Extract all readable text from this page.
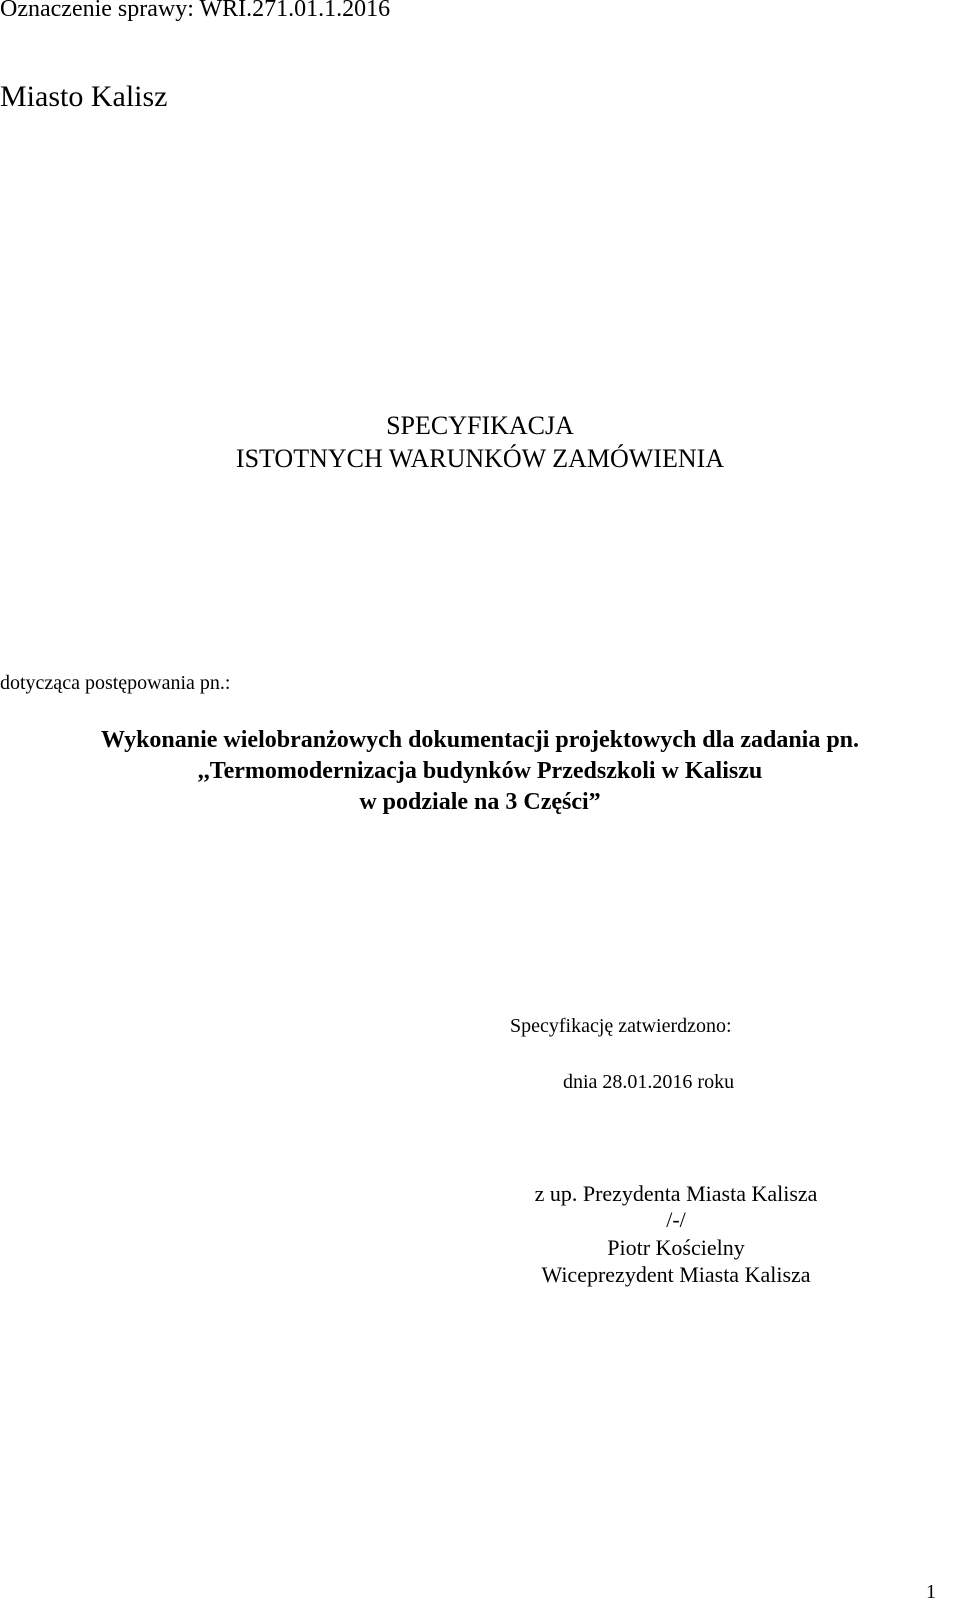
Oznaczenie sprawy: WRI.271.01.1.2016
Miasto Kalisz
SPECYFIKACJA
ISTOTNYCH WARUNKÓW ZAMÓWIENIA
dotycząca postępowania pn.:
Wykonanie wielobranżowych dokumentacji projektowych dla zadania pn.
,,Termomodernizacja budynków Przedszkoli w Kaliszu
w podziale na 3 Części”
Specyfikację zatwierdzono:
dnia 28.01.2016 roku
z up. Prezydenta Miasta Kalisza
/-/
Piotr Kościelny
Wiceprezydent Miasta Kalisza
1
